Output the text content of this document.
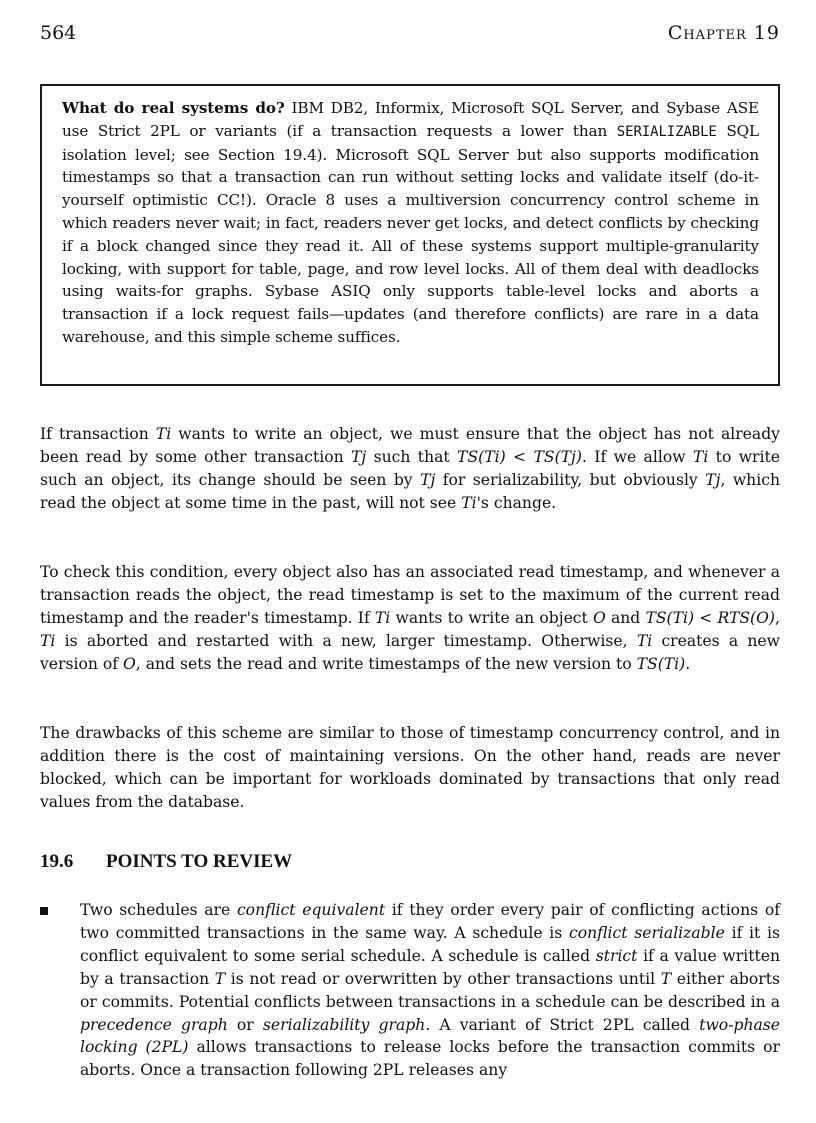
564	Chapter 19
What do real systems do? IBM DB2, Informix, Microsoft SQL Server, and Sybase ASE use Strict 2PL or variants (if a transaction requests a lower than SERIALIZABLE SQL isolation level; see Section 19.4). Microsoft SQL Server but also supports modification timestamps so that a transaction can run without setting locks and validate itself (do-it-yourself optimistic CC!). Oracle 8 uses a multiversion concurrency control scheme in which readers never wait; in fact, readers never get locks, and detect conflicts by checking if a block changed since they read it. All of these systems support multiple-granularity locking, with support for table, page, and row level locks. All of them deal with deadlocks using waits-for graphs. Sybase ASIQ only supports table-level locks and aborts a transaction if a lock request fails—updates (and therefore conflicts) are rare in a data warehouse, and this simple scheme suffices.
If transaction Ti wants to write an object, we must ensure that the object has not already been read by some other transaction Tj such that TS(Ti) < TS(Tj). If we allow Ti to write such an object, its change should be seen by Tj for serializability, but obviously Tj, which read the object at some time in the past, will not see Ti's change.
To check this condition, every object also has an associated read timestamp, and whenever a transaction reads the object, the read timestamp is set to the maximum of the current read timestamp and the reader's timestamp. If Ti wants to write an object O and TS(Ti) < RTS(O), Ti is aborted and restarted with a new, larger timestamp. Otherwise, Ti creates a new version of O, and sets the read and write timestamps of the new version to TS(Ti).
The drawbacks of this scheme are similar to those of timestamp concurrency control, and in addition there is the cost of maintaining versions. On the other hand, reads are never blocked, which can be important for workloads dominated by transactions that only read values from the database.
19.6 POINTS TO REVIEW
Two schedules are conflict equivalent if they order every pair of conflicting actions of two committed transactions in the same way. A schedule is conflict serializable if it is conflict equivalent to some serial schedule. A schedule is called strict if a value written by a transaction T is not read or overwritten by other transactions until T either aborts or commits. Potential conflicts between transactions in a schedule can be described in a precedence graph or serializability graph. A variant of Strict 2PL called two-phase locking (2PL) allows transactions to release locks before the transaction commits or aborts. Once a transaction following 2PL releases any
